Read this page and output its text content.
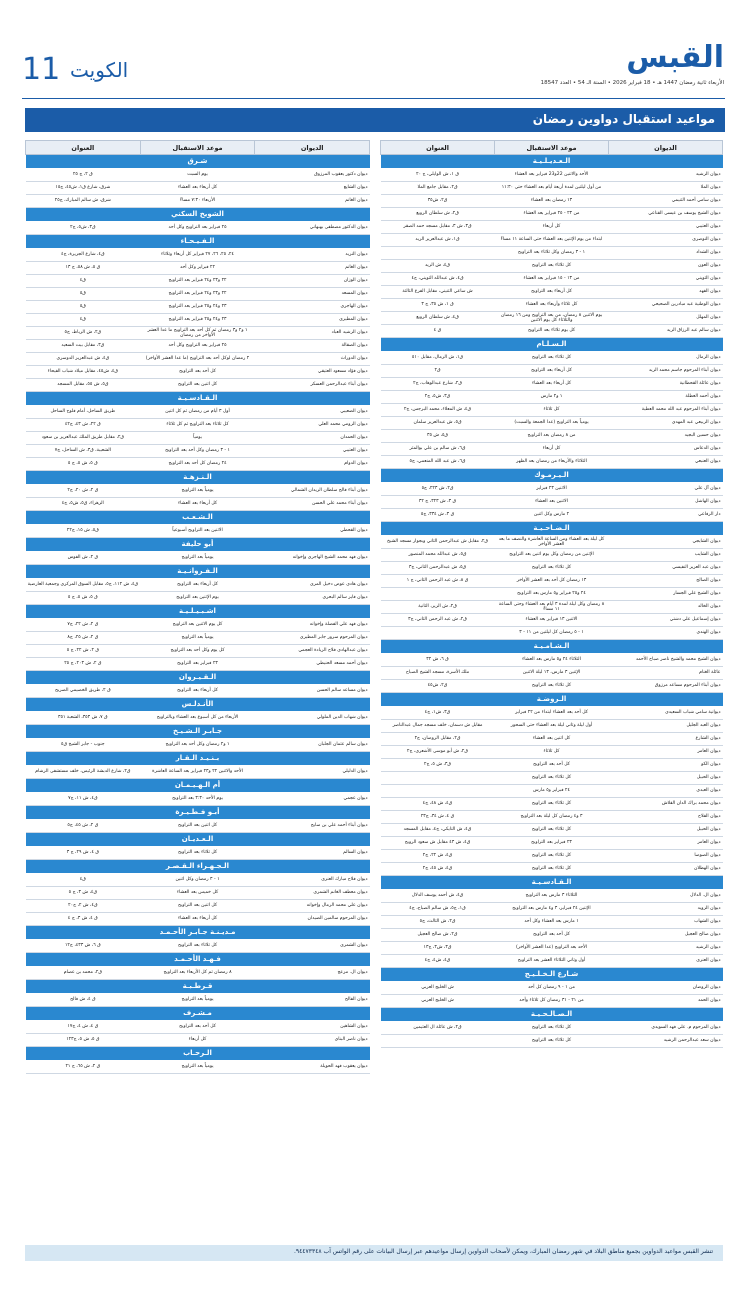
11 الكويت	القبس
الأربعاء ثانية رمضان 1447 هـ • 18 فبراير 2026 • السنة الـ 54 • العدد 18547
مواعيد استقبال دواوين رمضان
الديوان	موعد الاستقبال	العنوان
الـعـديـلـيـة		
ديوان الرشيد	الأحد والاثنين 22و23 فبراير بعد العشاء	ق ١، ش الوايلي، ج ٢٠
ديوان الملا	من أول ليلتين لمدة أربعة أيام بعد العشاء حتى ١١:٣٠	ق٢، مقابل جامع الملا
ديوان سامي أحمد الثنيمي	١٣ رمضان بعد العشاء	ق٢، ش٣٥
ديوان الشيخ يوسف بن عيسى القناعي	من ٢٣ - ٢٥ فبراير بعد العشاء	ق٢، ش سلطان الرويع
ديوان العتيبي	كل أربعاء	ق٣، ش ٣، مقابل مسجد حمد الصقر
ديوان النوصري	ابتداء من يوم الإثنين بعد العشاء حتى الساعة ١١ مساءً	ق١، ش عبدالعزيز الزيد
ديوان الشداد	١ - ٣ رمضان وكل ثلاثاء بعد التراويح	
ديوان العون	كل ثلاثاء بعد التراويح	ق٤، ش الزيد
ديوان الثويني	من ١٣ - ١٥ فبراير بعد العشاء	ق٤، ش عبدالله الثويني، ج٤
ديوان الفهد	كل أربعاء بعد التراويح	ش ساعي الثنيني، مقابل الفرع الثالثة
ديوان الوطنية عبد مبادرين الصحيحي	كل ثلاثاء وأربعاء بعد العشاء	ق ١، ش ٣٥، ج ٣
ديوان المهلل	يوم الاثنين ٨ رمضان، من بعد التراويح ومن ١٦ رمضان والثلاثاء كل يوم الاثنين	ق٤، ش سلطان الرويع
ديوان سالم عبد الرزاق الزيد	كل يوم ثلاثاء بعد التراويح	ق ٤
الـسـلـام		
ديوان الزمال	كل ثلاثاء بعد التراويح	ق١، ش الزمال، مقابل ٥١٠
ديوان أبناء المرحوم جاسم محمد الزيد	كل أربعاء بعد التراويح	ق٢
ديوان عائلة القحطانية	كل أربعاء بعد العشاء	ق٢، شارع عبدالوهاب، ج٢
ديوان أحمد العطلة	١ و٢ مارس	ق٣، ش٥، ج٢
ديوان أبناء المرحوم عبد الله محمد العطية	كل ثلاثاء	ق٤، ش المعلاء، محمد البرجس، ج٢
ديوان الربيعي عبد المهدي	يومياً بعد التراويح (عدا الجمعة والسبت)	ق٥، ش عبدالعزيز سلمان
ديوان حسين البجيد	من ٨ رمضان بعد التراويح	ق٥، ش ٣٥
ديوان الدعاس	كل أربعاء	ق٦، ش سالم بن علي بوالمثر
ديوان العنبعي	الثلاثاء والأربعاء من رمضان بعد الظهر	ق٦، ش عبد الله المنعمي، ج٥
الـيـرمـوك		
ديوان آل علي	الاثنين ٢٣ فبراير	ق٢، ش ٢٢٣، ج٥
ديوان الهاشل	الاثنين بعد العشاء	ق ٣، ش ٣٢٣، ج ٣٢
دار الرفاعي	٢ مارس وكل اثنين	ق ٣، ش ٣٣٤، ج٥
الـضـاحـيـة		
ديوان الشايجي	كل ليلة بعد العشاء ومن الساعة العاشرة والنصف ما بعد العشر الأواخر	ق٢، مقابل ش عبدالرحمن الثاني وبجوار مسجد الشيخ
ديوان الشايب	الإثنين من رمضان وكل يوم اثنين بعد التراويح	ق٥، ش عبدالله محمد المنصور
ديوان عبد العزيز النفيسي	كل ثلاثاء بعد التراويح	ق٥، ش عبدالرحمن الثاني، ج٣
ديوان الصالح	١٣ رمضان كل أحد بعد العشر الأواخر	ق ٨، ش عبد الرحمن الثاني، ج ١
ديوان الشيخ علي الجسار	٢٤ و٢٥ فبراير و٥ مارس بعد التراويح	
ديوان الخالد	٨ رمضان وكل ليلة لمدة ٣ أيام بعد العشاء وحتى الساعة ١١ مساءً	ق٢، ش الزير، الثانية
ديوان إسماعيل علي دشتي	الاثنين ١٣ فبراير بعد العشاء	ق٢، ش عبد الرحمن الثاني، ج٣
ديوان الهندي	١ - ٥ رمضان كل ليلتين من ١١ - ٣	
الـشـامـيـة		
ديوان الشيخ محمد والشيخ ناصر صباح الأحمد	الثلاثاء ٢٤ و٥ مارس بعد العشاء	ق ٦، ش ٣٢
عائلة الغنام	الإثنين ٣ مارس، ١٣ ليلة الاثنين	ملك الأسرة، مسجد الشيخ الصباح
ديوان أبناء المرحوم مساعد مرزوق	كل ثلاثاء بعد التراويح	ق٢، ش٤٥
الـروضـة		
ديوانية سامي شباب السعيدي	كل أحد بعد العشاء ابتداء من ٢٢ فبراير	ق٣، ش١، ج٤
ديوان العبد الجليل	أول ليلة وثاني ليلة بعد العشاء حتى السحور	مقابل ش دسمان، خلف مسجد جمال عبدالناصر
ديوان الشارع	كل اثنين بعد العشاء	ق٢، مقابل الروضان، ج٢
ديوان العامر	كل ثلاثاء	ق٢، ش أبو موسى الأشعري، ج٢
ديوان الكو	كل أحد بعد التراويح	ق٣، ش ٥، ج٢
ديوان الحبيل	كل ثلاثاء بعد التراويح	
ديوان العبدي	٢٤ فبراير و٥ مارس	
ديوان محمد براك الدان القلاش	كل ثلاثاء بعد التراويح	ق٤، ش ٤٨، ج٤
ديوان الفلاح	٣ و٤ رمضان كل ليلة بعد التراويح	ق ٤، ش ٣٤، ج٢٣
ديوان الحبيل	كل ثلاثاء بعد التراويح	ق٤، ش التايكي، ج٤، مقابل المسجد
ديوان العامر	٢٣ فبراير بعد التراويح	ق٤، ش ٤٣ مقابل ش سعود الرويح
ديوان الصوصا	كل ثلاثاء بعد التراويح	ق٤، ش ٢٢، ج٢
ديوان الهطلان	كل ثلاثاء بعد التراويح	ق٤، ش ٤٥، ج٢
الـقـادسـيـة		
ديوان ال. الدلال	الثلاثاء ٣ مارس بعد التراويح	ق٤، ش أحمد يوسف الدلال
ديوان الزويد	الإثنين ٢٤ فبراير، ٣ و٤ مارس بعد التراويح	ق١، ج٥، ش سالم الصباح، ج٤
ديوان الشهاب	١ مارس بعد العشاء وكل أحد	ق٢، ش الثالث، ج٥
ديوان صالح العجيل	كل أحد بعد التراويح	ق٢، ش صالح العجيل
ديوان الرشيد	الأحد بعد التراويح (عدا العشر الأواخر)	ق٣، ش٣، ج١٣
ديوان العنزي	أول وثاني الثلاثاء العشر بعد التراويح	ق٤، ش٤، ج٤
شـارع الـخـلـيـج		
ديوان الروضان	من ١ - ٩ رمضان كل أحد	ش الخليج العربي
ديوان الحمد	من ٢١ - ٣١ رمضان كل ثلاثاء وأحد	ش الخليج العربي
الـصـالـحـيـة		
ديوان المرحوم م. علي فهد السويدي	كل ثلاثاء بعد التراويح	ق٢، ش عائلة ال العثيمين
ديوان سعد عبدالرحمن الرشيد	كل ثلاثاء بعد التراويح	
الديوان	موعد الاستقبال	العنوان
شـرق		
ديوان دكتور يعقوب المرزوق	يوم السبت	ق ٢، ج ٢٥
ديوان الشايع	كل أربعاء بعد العشاء	شرق، شارع ق١، ش٤٥، ج١٥
ديوان الغانم	الأربعاء ٧:٣٠ مساءً	شرق، ش سالم المبارك، ج٢٥
الشويخ السكني		
ديوان الدكتور مصطفى بهبهاني	٢٥ فبراير بعد التراويح وكل أحد	ق٣، ش٥، ج٢
الـفـيـحـاء		
ديوان النزيد	٢٤، ٢٥، ٢٦، ٢٧ فبراير كل أربعاء وثلاثاء	ق٤، شارع الجزيرة، ج٤
ديوان الغانم	٢٢ فبراير وكل أحد	ق ٥، ش ٥٨، ج ١٣
ديوان الوزان	٢٢ و٢٣ و٢٤ فبراير بعد التراويح	ق٤
ديوان المسعد	٢٢ و٢٣ و٢٤ فبراير بعد التراويح	ق٥
ديوان الهاجري	٢٣ و٢٤ و٢٥ فبراير بعد التراويح	ق٥
ديوان المطيري	٢٣ و٢٤ و٢٥ فبراير بعد التراويح	ق٤
ديوان الرشيد العباد	١ و٢ و٣ رمضان ثم كل أحد بعد التراويح ما عدا العشر الأواخر من رمضان	ق٢، ش الزباط، ج٥
ديوان الصقالة	٢٥ فبراير بعد التراويح وكل أحد	ق٣، مقابل بيت السعيد
ديوان الدوراث	٢ رمضان لوكل أحد بعد التراويح (ما عدا العشر الأواخر)	ق٤، ش عبدالعزيز الدوسري
ديوان فؤاد مسعود العتيقي	كل أحد بعد التراويح	ق٤، ش٤٥، مقابل ميلاد شباب الفيحاء
ديوان أبناء عبدالرحمن العسكر	كل اثنين بعد التراويح	ق٥، ش ٥٥، مقابل المسجد
الـقـادسـيـة		
ديوان الضعيبي	أول ٣ أيام من رمضان ثم كل اثنين	طريق الساحل، أمام فلوح الساحل
ديوان الرومي محمد العلي	كل ثلاثاء بعد التراويح ثم كل ثلاثاء	ق ٢٢، ش ٤٣، ج٤٢
ديوان الحمدان	يومياً	ق٢، مقابل طريق الملك عبدالعزيز بن سعود
ديوان العتيبي	١ - ٣ رمضان وكل أحد بعد التراويح	الشعيبة، ق٣، ش الساحل، ج٧
ديوان الدوام	٢٤ رمضان كل أحد بعد التراويح	ق ٥، ش ٥، ج ٥
الـنـزهـة		
ديوان أبناء فالح سلطان الزيدان الشمالي	يومياً بعد التراويح	ق ٢، ش ٢٠، ج٢
ديوان أبناء محمد علي الحسن	كل أربعاء بعد العشاء	الزهراء، ق٥، ش٥، ج٤
الـشـعـب		
ديوان القحطي	الاثنين بعد التراويح أسبوعياً	ق٥، ش ١٥، ج٢٢
أبو حليفة		
ديوان فهد محمد الشيخ الهاجري وإخوانه	يومياً بعد التراويح	ق ٢، ش الفوس
الـفـروانـيـة		
ديوان هادي عوض دخيل المري	كل أربعاء بعد التراويح	ق٤، ش ١١٢، ج٥، مقابل السوق المركزي وجمعية العارضية
ديوان فايز سالم البحري	يوم الإثنين بعد التراويح	ق ٥، ش ٥، ج ٥
اشـبـيـلـيـة		
ديوان فهد علي الفضلة وإخوانه	كل يوم الاثنين بعد التراويح	ق ٢، ش ٢٢، ج٧
ديوان المرحوم سرور جابر المطيري	يومياً بعد التراويح	ق ٢، ش ٢٥، ج٨
ديوان عبدالهادي فلاح الزيادة العجمي	كل يوم وكل أحد بعد التراويح	ق ٢، ش ٢٢، ج ٥
ديوان أحمد مسعد الحنيطي	٢٣ فبراير بعد التراويح	ق ٢، ش ٢٠٣، ج ٢٥
الـقـيـروان		
ديوان مساعد سالم الحسن	كل أربعاء بعد التراويح	ق ٢، طريق الخصيمي الصريح
الأنـدلـس		
ديوان شهاب الدين الملولي	الأربعاء من كل أسبوع بعد العشاء وبالتراويح	ق ٧، ش ٣٥٣، الشعبة ٣٥١
جـابـر الـشـيـخ		
ديوان سالم عثمان الجلبان	١ و٢ رمضان وكل أحد بعد التراويح	جنوب - جابر الشيخ ق٥
بـنـيـد الـقـار		
ديوان الدليلي	الأحد والاثنين ٢٢ و٢٣ فبراير بعد الساعة العاشرة	ق٢، شارع الدبشة الرئيس، خلف مستشفى الرشام
أم الـهـيـمـان		
ديوان عجمي	يوم الأحد ٣:٣٠ بعد التراويح	ق٤، ش ١١، ج٧
أبـو فـطـيـرة		
ديوان أبناء أحمد علي بن سايح	كل اثنين بعد التراويح	ق ٢، ش ٤٥، ج٥
الـعـديـان		
ديوان السالم	كل ثلاثاء بعد التراويح	ق ٤، ش ٢٩، ج ٣
الـجـهـراء الـقـصـر		
ديوان فلاح مبارك العنزي	١ - ٣ رمضان وكل اثنين	ق٤
ديوان معطف الغانم الشمري	كل خميس بعد العشاء	ق٤، ش ٣، ج ٥
ديوان علي محمد الرمال وإخوانه	كل اثنين بعد التراويح	ق٤، ش ٢، ج٢٠
ديوان المرحوم سالمين الضيدان	كل أربعاء بعد العشاء	ق ٤، ش ٣، ج ٤
مـديـنـة جـابـر الأحـمـد		
ديوان الشمري	كل ثلاثاء بعد التراويح	ق ٦، ش ٤٣٣، ج١٢
فـهـد الأحـمـد		
ديوان ال. مزعج	٨ رمضان ثم كل الأربعاء بعد التراويح	ق٢، محمد بن عصام
قـرطـبـة		
ديوان الفالح	يومياً بعد التراويح	ق ٤، ش فالح
مـشـرف		
ديوان الشاهين	كل أحد بعد التراويح	ق ٤، ش ٤، ج١٧
ديوان ناصر البناي	كل أربعاء	ق ٥، ش ٥، ج١٢٣
الـرحـاب		
ديوان يعقوب فهد الحويلة	يومياً بعد التراويح	ق ٢، ش ٦٥، ج ٢١
تنشر القبس مواعيد الدواوين بجميع مناطق البلاد في شهر رمضان المبارك، ويمكن لأصحاب الدواوين إرسال مواعيدهم عبر إرسال البيانات على رقم الواتس آب ٩٤٤٧٣٣٤٨.
